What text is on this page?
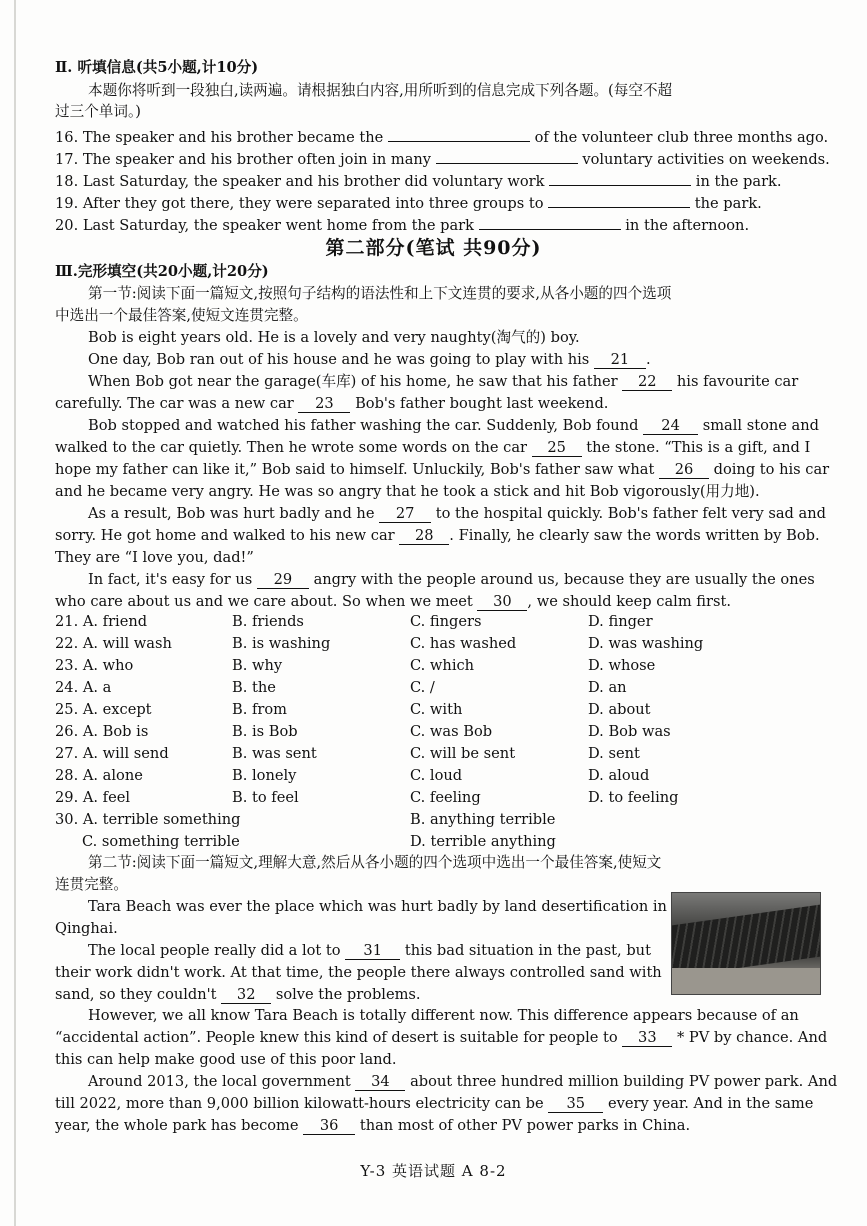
Ⅱ. 听填信息(共5小题,计10分)
本题你将听到一段独白,读两遍。请根据独白内容,用所听到的信息完成下列各题。(每空不超
过三个单词。)
16. The speaker and his brother became the	of the volunteer club three months ago.
17. The speaker and his brother often join in many	voluntary activities on weekends.
18. Last Saturday, the speaker and his brother did voluntary work	in the park.
19. After they got there, they were separated into three groups to	the park.
20. Last Saturday, the speaker went home from the park	in the afternoon.
第二部分(笔试 共90分)
Ⅲ.完形填空(共20小题,计20分)
第一节:阅读下面一篇短文,按照句子结构的语法性和上下文连贯的要求,从各小题的四个选项
中选出一个最佳答案,使短文连贯完整。
Bob is eight years old. He is a lovely and very naughty(淘气的) boy.
One day, Bob ran out of his house and he was going to play with his 21 .
When Bob got near the garage(车库) of his home, he saw that his father 22 his favourite car
carefully. The car was a new car 23 Bob's father bought last weekend.
Bob stopped and watched his father washing the car. Suddenly, Bob found 24 small stone and
walked to the car quietly. Then he wrote some words on the car 25 the stone. “This is a gift, and I
hope my father can like it,” Bob said to himself. Unluckily, Bob's father saw what 26 doing to his car
and he became very angry. He was so angry that he took a stick and hit Bob vigorously(用力地).
As a result, Bob was hurt badly and he 27 to the hospital quickly. Bob's father felt very sad and
sorry. He got home and walked to his new car 28 . Finally, he clearly saw the words written by Bob.
They are “I love you, dad!”
In fact, it's easy for us 29 angry with the people around us, because they are usually the ones
who care about us and we care about. So when we meet 30 , we should keep calm first.
21. A. friend	B. friends	C. fingers	D. finger
22. A. will wash	B. is washing	C. has washed	D. was washing
23. A. who	B. why	C. which	D. whose
24. A. a	B. the	C. /	D. an
25. A. except	B. from	C. with	D. about
26. A. Bob is	B. is Bob	C. was Bob	D. Bob was
27. A. will send	B. was sent	C. will be sent	D. sent
28. A. alone	B. lonely	C. loud	D. aloud
29. A. feel	B. to feel	C. feeling	D. to feeling
30. A. terrible something	B. anything terrible
C. something terrible	D. terrible anything
第二节:阅读下面一篇短文,理解大意,然后从各小题的四个选项中选出一个最佳答案,使短文
连贯完整。
Tara Beach was ever the place which was hurt badly by land desertification in
Qinghai.
The local people really did a lot to 31 this bad situation in the past, but
their work didn't work. At that time, the people there always controlled sand with
sand, so they couldn't 32 solve the problems.
However, we all know Tara Beach is totally different now. This difference appears because of an
“accidental action”. People knew this kind of desert is suitable for people to 33 * PV by chance. And
this can help make good use of this poor land.
Around 2013, the local government 34 about three hundred million building PV power park. And
till 2022, more than 9,000 billion kilowatt-hours electricity can be 35 every year. And in the same
year, the whole park has become 36 than most of other PV power parks in China.
Y-3 英语试题 A 8-2
